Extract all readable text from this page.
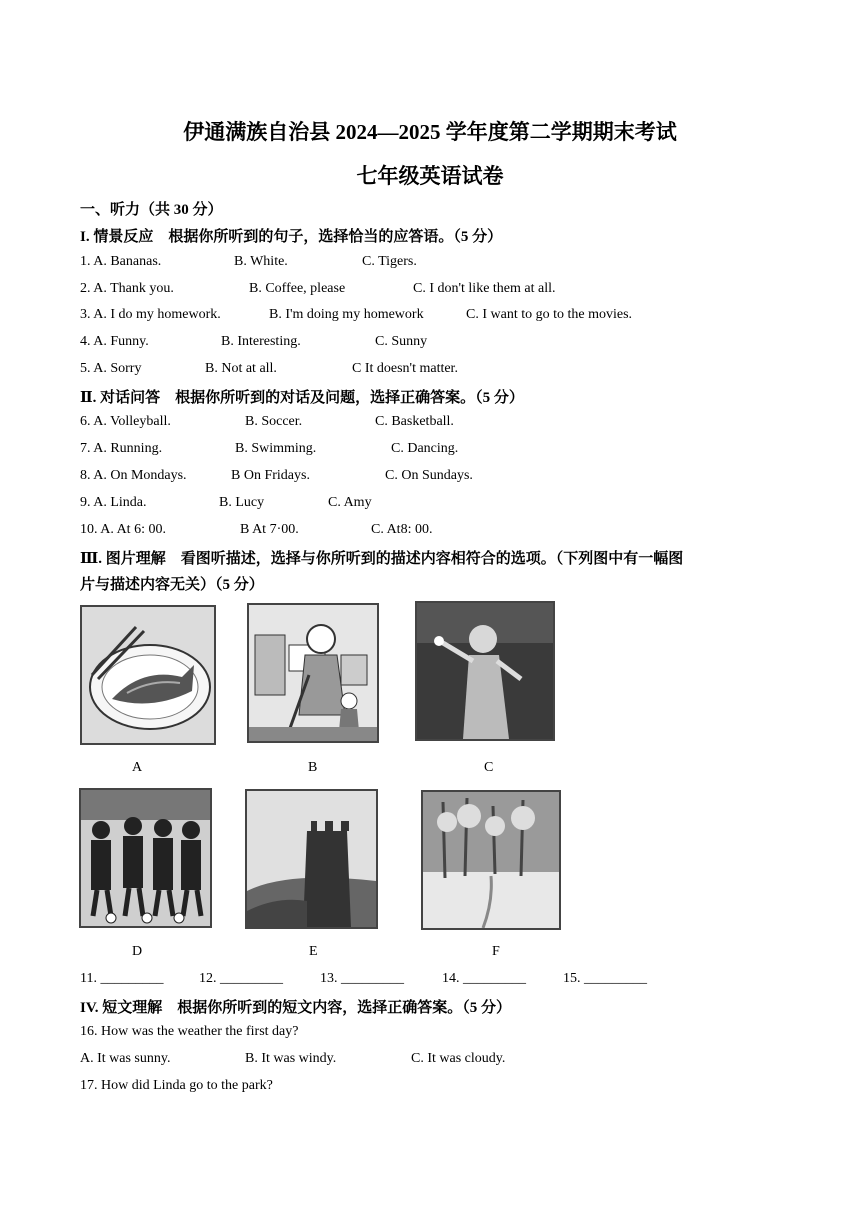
伊通满族自治县 2024—2025 学年度第二学期期末考试
七年级英语试卷
一、听力（共 30 分）
I. 情景反应　根据你所听到的句子，选择恰当的应答语。（5 分）
1. A. Bananas.	B. White.	C. Tigers.
2. A. Thank you.	B. Coffee, please	C. I don't like them at all.
3. A. I do my homework.	B. I'm doing my homework	C. I want to go to the movies.
4. A. Funny.	B. Interesting.	C. Sunny
5. A. Sorry	B. Not at all.	C It doesn't matter.
Ⅱ. 对话问答　根据你所听到的对话及问题，选择正确答案。（5 分）
6. A. Volleyball.	B. Soccer.	C. Basketball.
7. A. Running.	B. Swimming.	C. Dancing.
8. A. On Mondays.	B On Fridays.	C. On Sundays.
9. A. Linda.	B. Lucy	C. Amy
10. A. At 6: 00.	B At 7·00.	C. At8: 00.
Ⅲ. 图片理解　看图听描述，选择与你所听到的描述内容相符合的选项。（下列图中有一幅图
片与描述内容无关）（5 分）
A	B	C
D	E	F
11. _________	12. _________	13. _________	14. _________	15. _________
IV. 短文理解　根据你所听到的短文内容，选择正确答案。（5 分）
16. How was the weather the first day?
A. It was sunny.	B. It was windy.	C. It was cloudy.
17. How did Linda go to the park?
